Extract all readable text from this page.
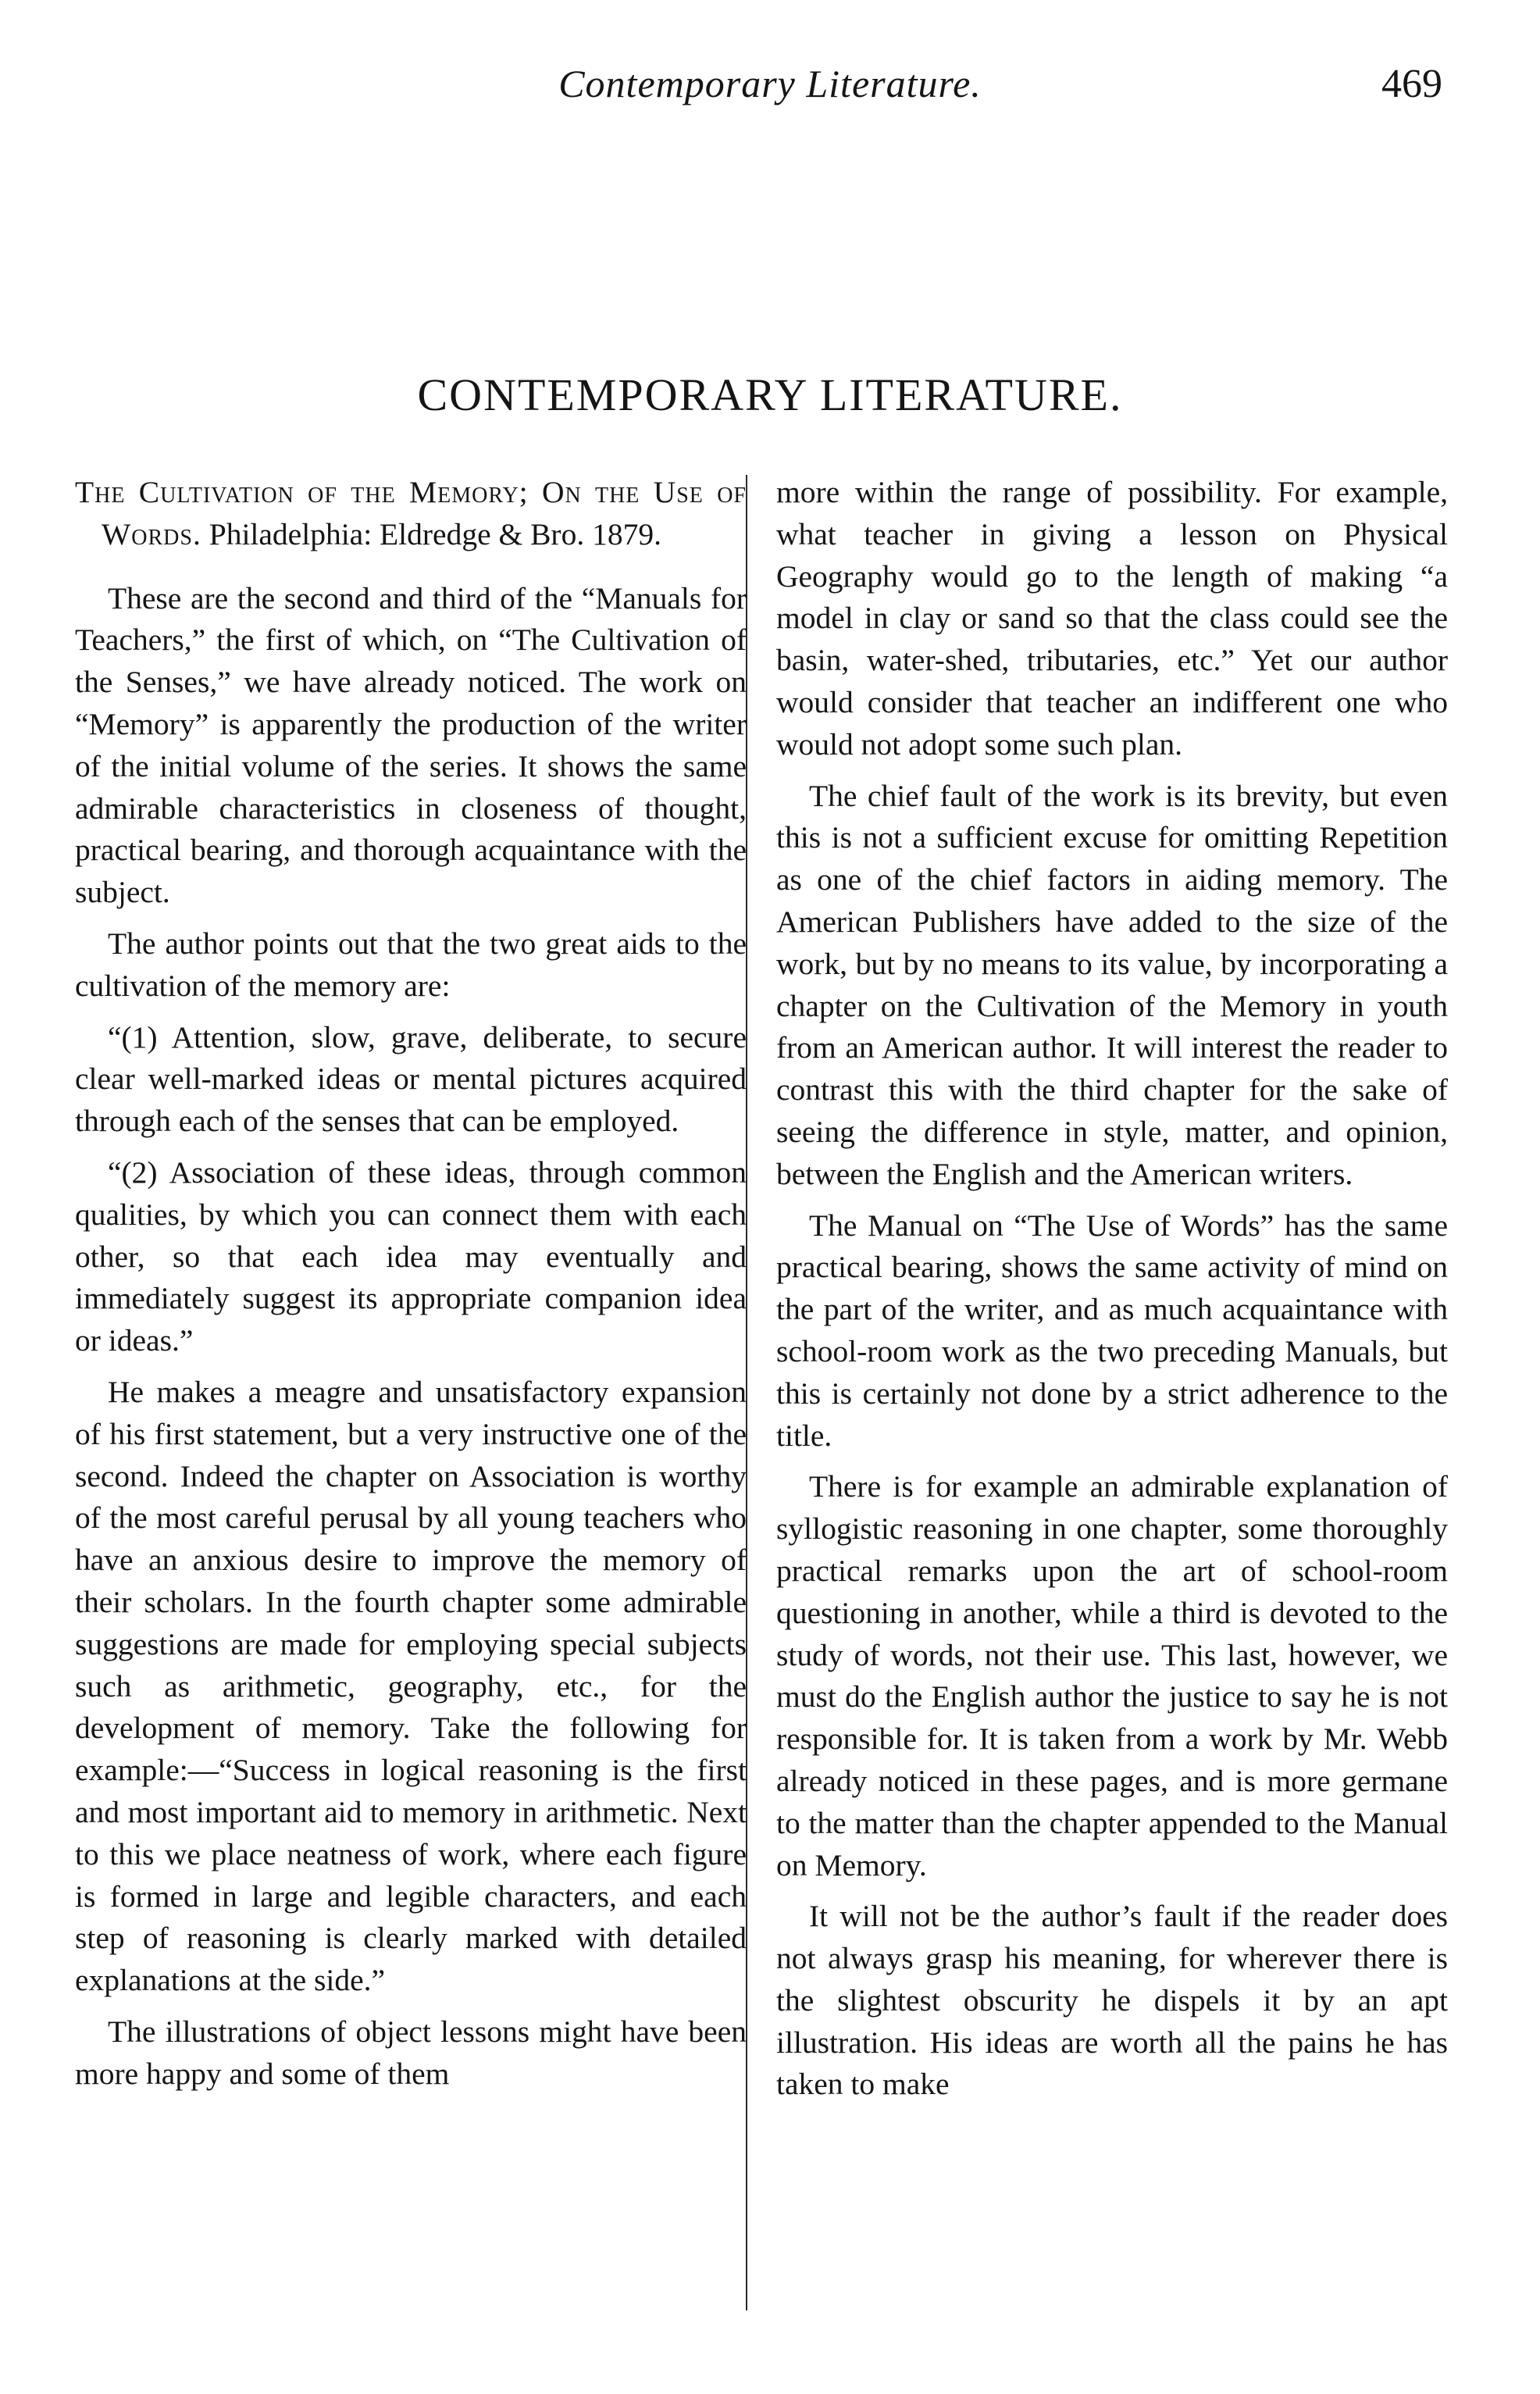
Contemporary Literature.	469
CONTEMPORARY LITERATURE.

The Cultivation of the Memory; On the Use of Words. Philadelphia: Eldredge & Bro. 1879.

These are the second and third of the “Manuals for Teachers,” the first of which, on “The Cultivation of the Senses,” we have already noticed. The work on “Memory” is apparently the production of the writer of the initial volume of the series. It shows the same admirable characteristics in closeness of thought, practical bearing, and thorough acquaintance with the subject.

The author points out that the two great aids to the cultivation of the memory are:

“(1) Attention, slow, grave, deliberate, to secure clear well-marked ideas or mental pictures acquired through each of the senses that can be employed.

“(2) Association of these ideas, through common qualities, by which you can connect them with each other, so that each idea may eventually and immediately suggest its appropriate companion idea or ideas.”

He makes a meagre and unsatisfactory expansion of his first statement, but a very instructive one of the second. Indeed the chapter on Association is worthy of the most careful perusal by all young teachers who have an anxious desire to improve the memory of their scholars. In the fourth chapter some admirable suggestions are made for employing special subjects such as arithmetic, geography, etc., for the development of memory. Take the following for example:—“Success in logical reasoning is the first and most important aid to memory in arithmetic. Next to this we place neatness of work, where each figure is formed in large and legible characters, and each step of reasoning is clearly marked with detailed explanations at the side.”

The illustrations of object lessons might have been more happy and some of them

more within the range of possibility. For example, what teacher in giving a lesson on Physical Geography would go to the length of making “a model in clay or sand so that the class could see the basin, water-shed, tributaries, etc.” Yet our author would consider that teacher an indifferent one who would not adopt some such plan.

The chief fault of the work is its brevity, but even this is not a sufficient excuse for omitting Repetition as one of the chief factors in aiding memory. The American Publishers have added to the size of the work, but by no means to its value, by incorporating a chapter on the Cultivation of the Memory in youth from an American author. It will interest the reader to contrast this with the third chapter for the sake of seeing the difference in style, matter, and opinion, between the English and the American writers.

The Manual on “The Use of Words” has the same practical bearing, shows the same activity of mind on the part of the writer, and as much acquaintance with school-room work as the two preceding Manuals, but this is certainly not done by a strict adherence to the title.

There is for example an admirable explanation of syllogistic reasoning in one chapter, some thoroughly practical remarks upon the art of school-room questioning in another, while a third is devoted to the study of words, not their use. This last, however, we must do the English author the justice to say he is not responsible for. It is taken from a work by Mr. Webb already noticed in these pages, and is more germane to the matter than the chapter appended to the Manual on Memory.

It will not be the author’s fault if the reader does not always grasp his meaning, for wherever there is the slightest obscurity he dispels it by an apt illustration. His ideas are worth all the pains he has taken to make
